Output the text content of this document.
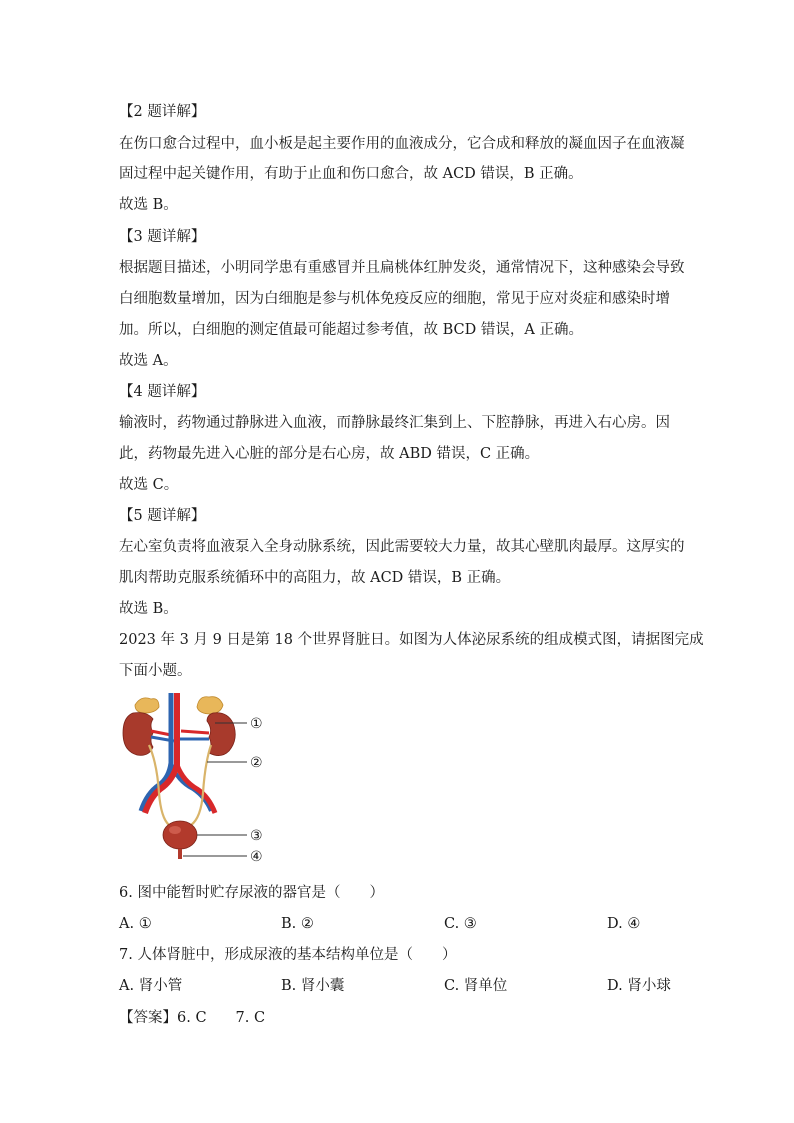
【2 题详解】
在伤口愈合过程中，血小板是起主要作用的血液成分，它合成和释放的凝血因子在血液凝
固过程中起关键作用，有助于止血和伤口愈合，故 ACD 错误，B 正确。
故选 B。
【3 题详解】
根据题目描述，小明同学患有重感冒并且扁桃体红肿发炎，通常情况下，这种感染会导致
白细胞数量增加，因为白细胞是参与机体免疫反应的细胞，常见于应对炎症和感染时增
加。所以，白细胞的测定值最可能超过参考值，故 BCD 错误，A 正确。
故选 A。
【4 题详解】
输液时，药物通过静脉进入血液，而静脉最终汇集到上、下腔静脉，再进入右心房。因
此，药物最先进入心脏的部分是右心房，故 ABD 错误，C 正确。
故选 C。
【5 题详解】
左心室负责将血液泵入全身动脉系统，因此需要较大力量，故其心壁肌肉最厚。这厚实的
肌肉帮助克服系统循环中的高阻力，故 ACD 错误，B 正确。
故选 B。
2023 年 3 月 9 日是第 18 个世界肾脏日。如图为人体泌尿系统的组成模式图，请据图完成
下面小题。
①
②
③
④
6. 图中能暂时贮存尿液的器官是（　　）
A. ①	B. ②	C. ③	D. ④
7. 人体肾脏中，形成尿液的基本结构单位是（　　）
A. 肾小管	B. 肾小囊	C. 肾单位	D. 肾小球
【答案】6. C　　7. C
